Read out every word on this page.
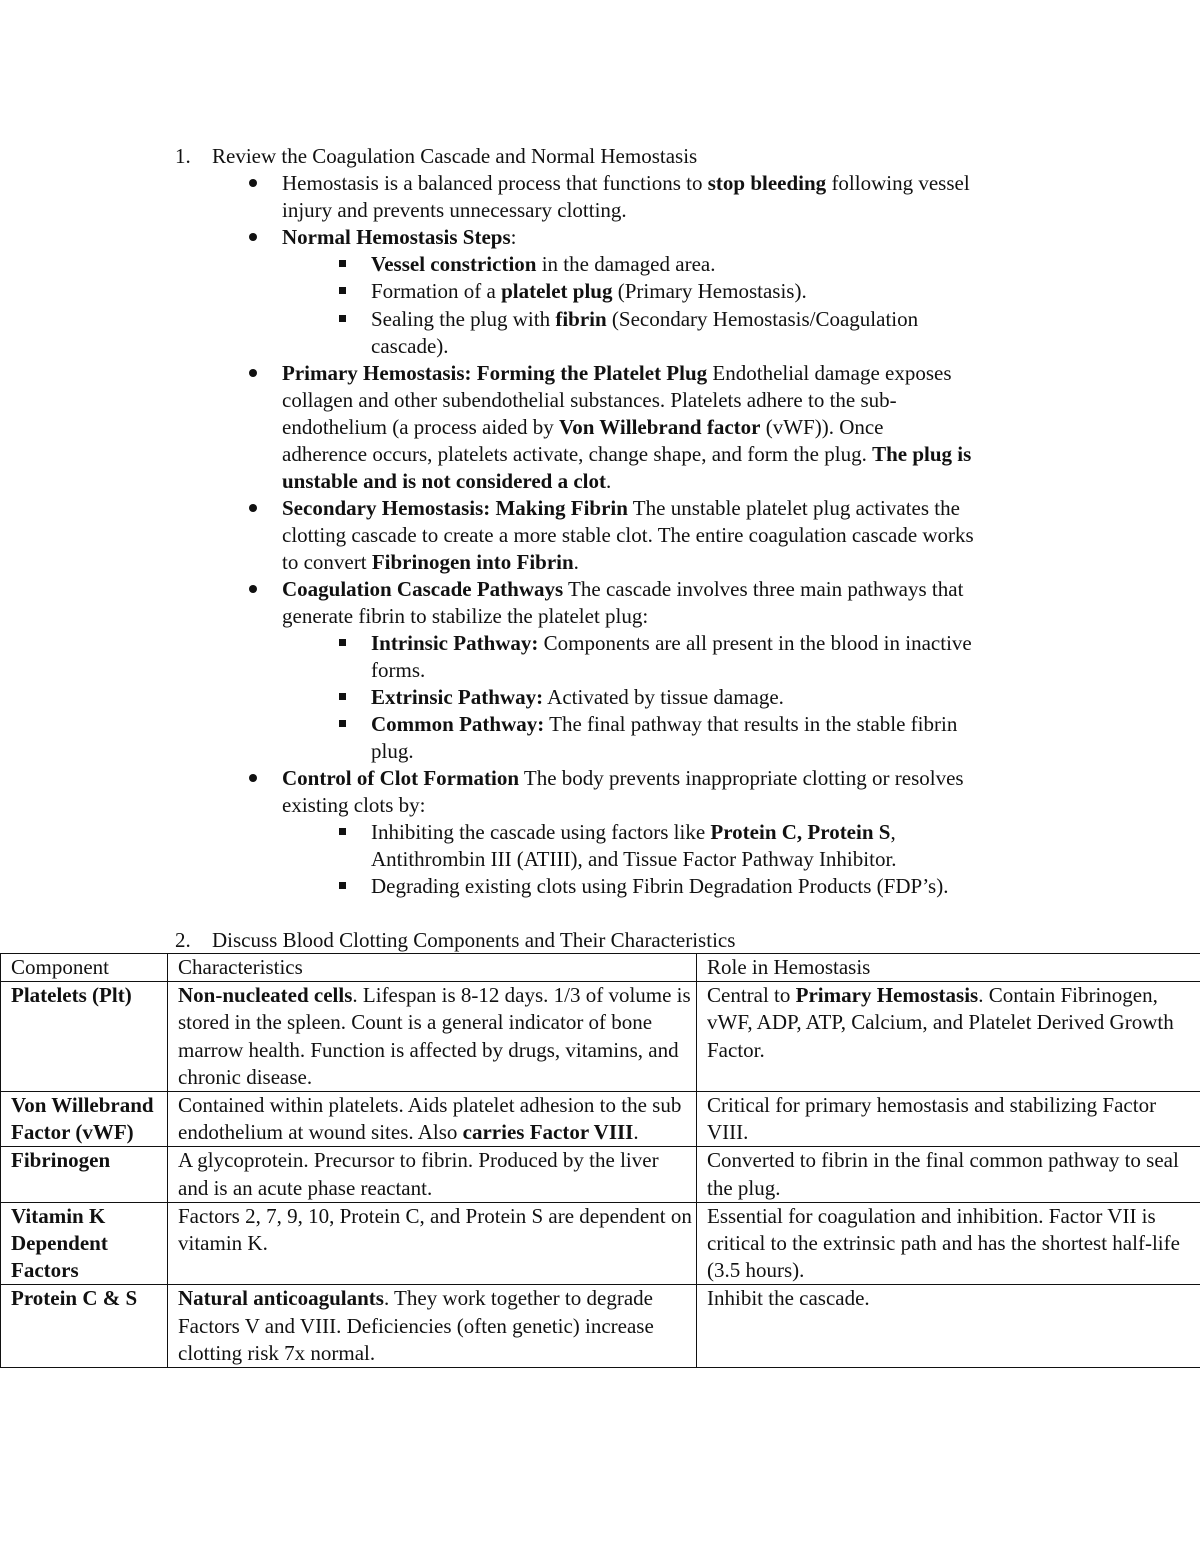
1. Review the Coagulation Cascade and Normal Hemostasis
Hemostasis is a balanced process that functions to stop bleeding following vessel
injury and prevents unnecessary clotting.
Normal Hemostasis Steps:
Vessel constriction in the damaged area.
Formation of a platelet plug (Primary Hemostasis).
Sealing the plug with fibrin (Secondary Hemostasis/Coagulation
cascade).
Primary Hemostasis: Forming the Platelet Plug Endothelial damage exposes
collagen and other subendothelial substances. Platelets adhere to the sub-
endothelium (a process aided by Von Willebrand factor (vWF)). Once
adherence occurs, platelets activate, change shape, and form the plug. The plug is
unstable and is not considered a clot.
Secondary Hemostasis: Making Fibrin The unstable platelet plug activates the
clotting cascade to create a more stable clot. The entire coagulation cascade works
to convert Fibrinogen into Fibrin.
Coagulation Cascade Pathways The cascade involves three main pathways that
generate fibrin to stabilize the platelet plug:
Intrinsic Pathway: Components are all present in the blood in inactive
forms.
Extrinsic Pathway: Activated by tissue damage.
Common Pathway: The final pathway that results in the stable fibrin
plug.
Control of Clot Formation The body prevents inappropriate clotting or resolves
existing clots by:
Inhibiting the cascade using factors like Protein C, Protein S,
Antithrombin III (ATIII), and Tissue Factor Pathway Inhibitor.
Degrading existing clots using Fibrin Degradation Products (FDP’s).
2. Discuss Blood Clotting Components and Their Characteristics
Component	Characteristics	Role in Hemostasis
Platelets (Plt)	Non-nucleated cells. Lifespan is 8-12 days. 1/3 of volume is stored in the spleen. Count is a general indicator of bone marrow health. Function is affected by drugs, vitamins, and chronic disease.	Central to Primary Hemostasis. Contain Fibrinogen, vWF, ADP, ATP, Calcium, and Platelet Derived Growth Factor.
Von Willebrand Factor (vWF)	Contained within platelets. Aids platelet adhesion to the sub endothelium at wound sites. Also carries Factor VIII.	Critical for primary hemostasis and stabilizing Factor VIII.
Fibrinogen	A glycoprotein. Precursor to fibrin. Produced by the liver and is an acute phase reactant.	Converted to fibrin in the final common pathway to seal the plug.
Vitamin K Dependent Factors	Factors 2, 7, 9, 10, Protein C, and Protein S are dependent on vitamin K.	Essential for coagulation and inhibition. Factor VII is critical to the extrinsic path and has the shortest half-life (3.5 hours).
Protein C & S	Natural anticoagulants. They work together to degrade Factors V and VIII. Deficiencies (often genetic) increase clotting risk 7x normal.	Inhibit the cascade.
